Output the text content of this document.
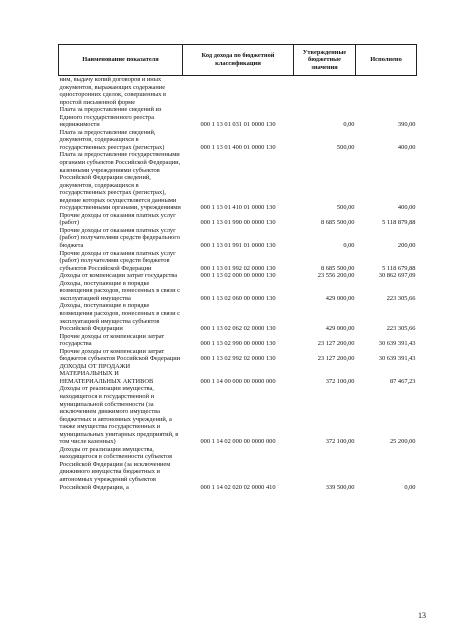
Наименование показателя	Код дохода по бюджетной классификации	Утвержденные бюджетные значения	Исполнено
ним, выдачу копий договоров и иных документов, выражающих содержание односторонних сделок, совершенных в простой письменной форме			
Плата за предоставление сведений из Единого государственного реестра недвижимости	000 1 13 01 031 01 0000 130	0,00	390,00
Плата за предоставление сведений, документов, содержащихся в государственных реестрах (регистрах)	000 1 13 01 400 01 0000 130	500,00	400,00
Плата за предоставление государственными органами субъектов Российской Федерации, казенными учреждениями субъектов Российской Федерации сведений, документов, содержащихся в государственных реестрах (регистрах), ведение которых осуществляется данными государственными органами, учреждениями	000 1 13 01 410 01 0000 130	500,00	400,00
Прочие доходы от оказания платных услуг (работ)	000 1 13 01 990 00 0000 130	8 685 500,00	5 118 879,88
Прочие доходы от оказания платных услуг (работ) получателями средств федерального бюджета	000 1 13 01 991 01 0000 130	0,00	200,00
Прочие доходы от оказания платных услуг (работ) получателями средств бюджетов субъектов Российской Федерации	000 1 13 01 992 02 0000 130	8 685 500,00	5 118 679,88
Доходы от компенсации затрат государства	000 1 13 02 000 00 0000 130	23 556 200,00	30 862 697,09
Доходы, поступающие в порядке возмещения расходов, понесенных в связи с эксплуатацией имущества	000 1 13 02 060 00 0000 130	429 000,00	223 305,66
Доходы, поступающие в порядке возмещения расходов, понесенных в связи с эксплуатацией имущества субъектов Российской Федерации	000 1 13 02 062 02 0000 130	429 000,00	223 305,66
Прочие доходы от компенсации затрат государства	000 1 13 02 990 00 0000 130	23 127 200,00	30 639 391,43
Прочие доходы от компенсации затрат бюджетов субъектов Российской Федерации	000 1 13 02 992 02 0000 130	23 127 200,00	30 639 391,43
ДОХОДЫ ОТ ПРОДАЖИ МАТЕРИАЛЬНЫХ И НЕМАТЕРИАЛЬНЫХ АКТИВОВ	000 1 14 00 000 00 0000 000	372 100,00	87 467,23
Доходы от реализации имущества, находящегося в государственной и муниципальной собственности (за исключением движимого имущества бюджетных и автономных учреждений, а также имущества государственных и муниципальных унитарных предприятий, в том числе казенных)	000 1 14 02 000 00 0000 000	372 100,00	25 200,00
Доходы от реализации имущества, находящегося в собственности субъектов Российской Федерации (за исключением движимого имущества бюджетных и автономных учреждений субъектов Российской Федерации, а	000 1 14 02 020 02 0000 410	339 500,00	0,00
13
